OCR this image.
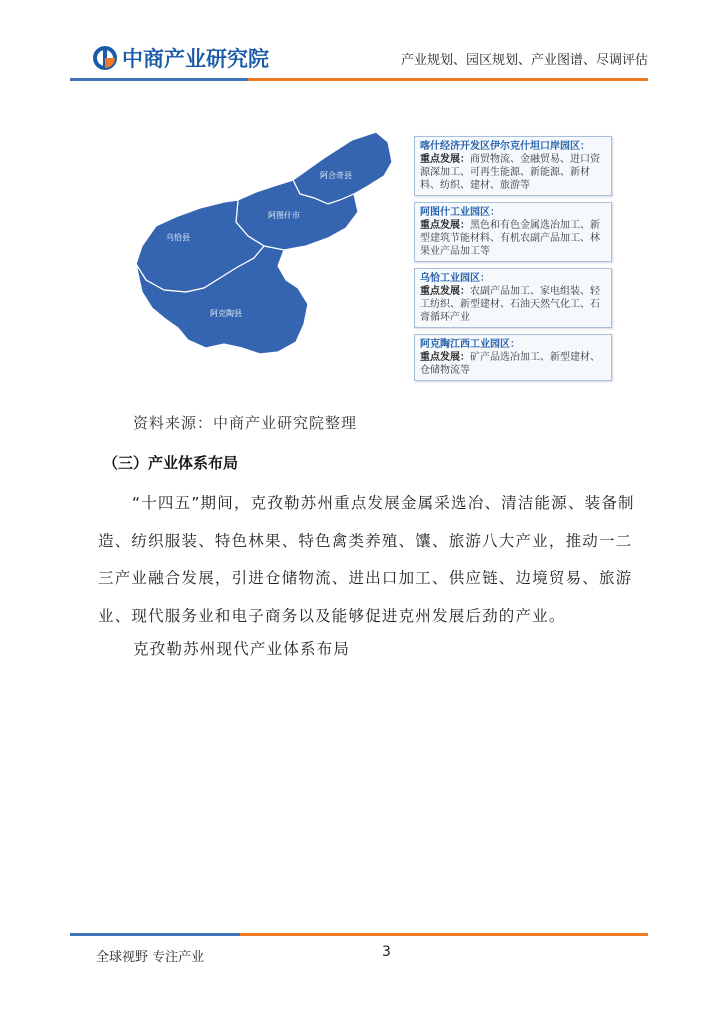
中商产业研究院	产业规划、园区规划、产业图谱、尽调评估
阿合奇县
阿图什市
乌恰县
阿克陶县
喀什经济开发区伊尔克什坦口岸园区：
重点发展：商贸物流、金融贸易、进口资源深加工、可再生能源、新能源、新材料、纺织、建材、旅游等
阿图什工业园区：
重点发展：黑色和有色金属选冶加工、新型建筑节能材料、有机农副产品加工、林果业产品加工等
乌恰工业园区：
重点发展：农副产品加工、家电组装、轻工纺织、新型建材、石油天然气化工、石膏循环产业
阿克陶江西工业园区：
重点发展：矿产品选冶加工、新型建材、仓储物流等
资料来源：中商产业研究院整理
（三）产业体系布局

“十四五”期间，克孜勒苏州重点发展金属采选冶、清洁能源、装备制造、纺织服装、特色林果、特色禽类养殖、馕、旅游八大产业，推动一二三产业融合发展，引进仓储物流、进出口加工、供应链、边境贸易、旅游业、现代服务业和电子商务以及能够促进克州发展后劲的产业。

克孜勒苏州现代产业体系布局
全球视野 专注产业	3
